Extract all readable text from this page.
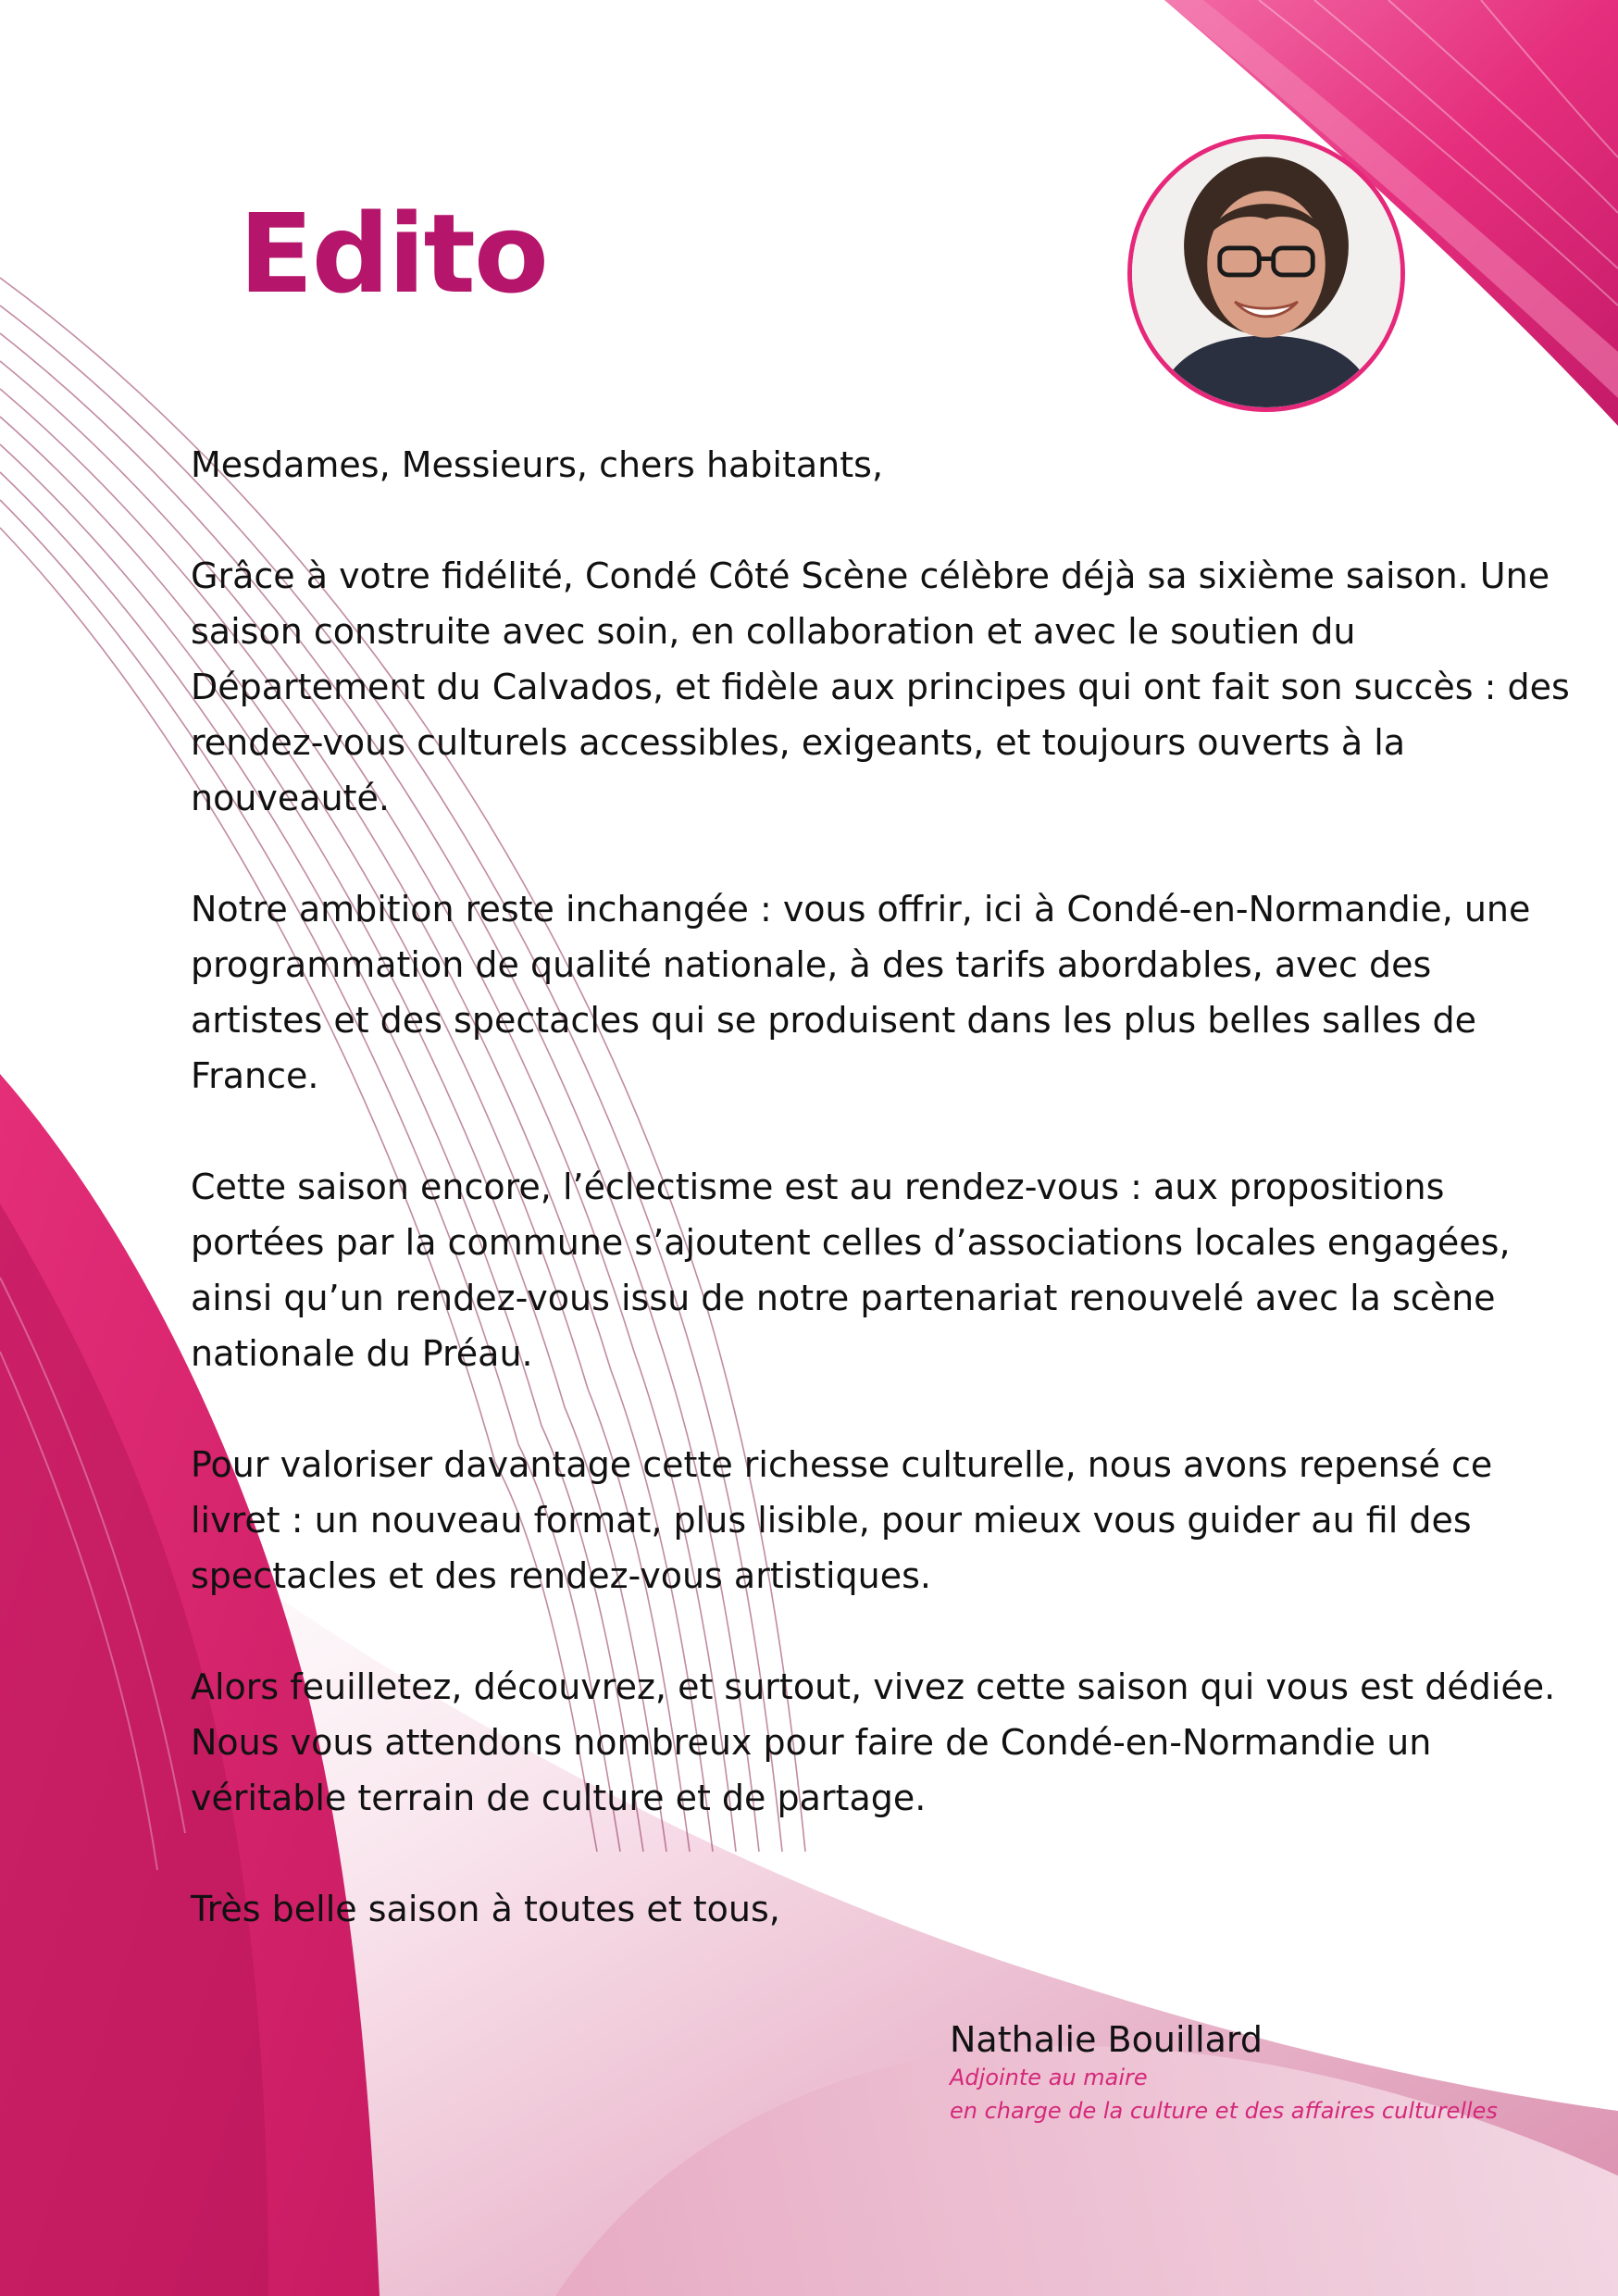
Edito

Mesdames, Messieurs, chers habitants,

Grâce à votre fidélité, Condé Côté Scène célèbre déjà sa sixième saison. Une saison construite avec soin, en collaboration et avec le soutien du Département du Calvados, et fidèle aux principes qui ont fait son succès : des rendez-vous culturels accessibles, exigeants, et toujours ouverts à la nouveauté.

Notre ambition reste inchangée : vous offrir, ici à Condé-en-Normandie, une programmation de qualité nationale, à des tarifs abordables, avec des artistes et des spectacles qui se produisent dans les plus belles salles de France.

Cette saison encore, l’éclectisme est au rendez-vous : aux propositions portées par la commune s’ajoutent celles d’associations locales engagées, ainsi qu’un rendez-vous issu de notre partenariat renouvelé avec la scène nationale du Préau.

Pour valoriser davantage cette richesse culturelle, nous avons repensé ce livret : un nouveau format, plus lisible, pour mieux vous guider au fil des spectacles et des rendez-vous artistiques.

Alors feuilletez, découvrez, et surtout, vivez cette saison qui vous est dédiée. Nous vous attendons nombreux pour faire de Condé-en-Normandie un véritable terrain de culture et de partage.

Très belle saison à toutes et tous,

Nathalie Bouillard
Adjointe au maire
en charge de la culture et des affaires culturelles
